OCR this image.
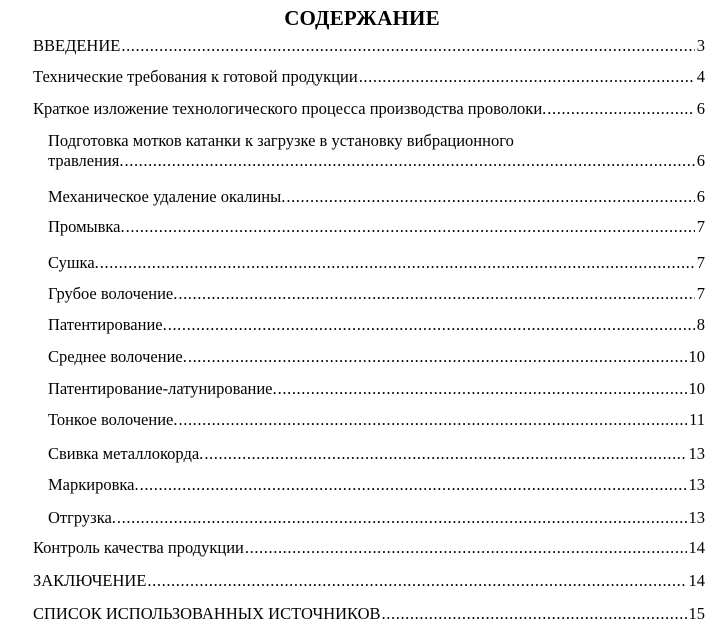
СОДЕРЖАНИЕ
ВВЕДЕНИЕ .....	3
Технические требования к готовой продукции .....	4
Краткое изложение технологического процесса производства проволоки. .....	6
Подготовка мотков катанки к загрузке в установку вибрационного
травления. .....	6
Механическое удаление окалины. .....	6
Промывка. .....	7
Сушка. .....	7
Грубое волочение. .....	7
Патентирование. .....	8
Среднее волочение. .....	10
Патентирование-латунирование. .....	10
Тонкое волочение. .....	11
Свивка металлокорда. .....	13
Маркировка. .....	13
Отгрузка. .....	13
Контроль качества продукции .....	14
ЗАКЛЮЧЕНИЕ .....	14
СПИСОК ИСПОЛЬЗОВАННЫХ ИСТОЧНИКОВ .....	15
